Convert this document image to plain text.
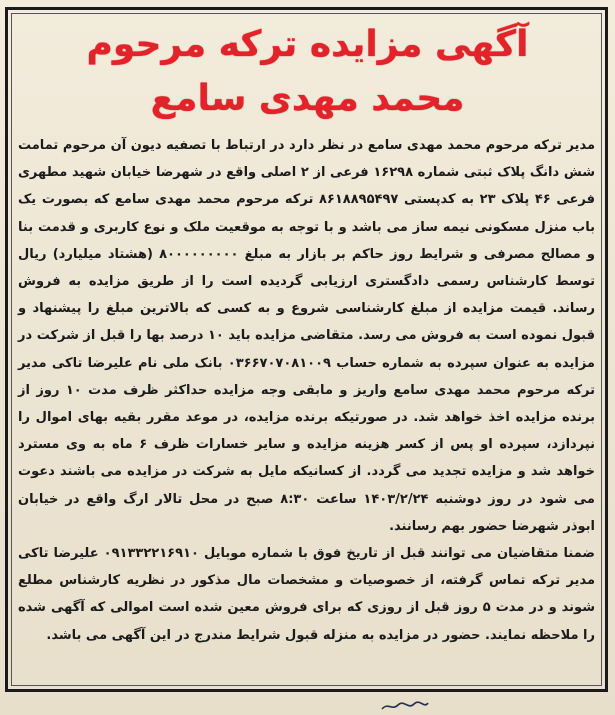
آگهی مزایده ترکه مرحوم
محمد مهدی سامع
مدیر ترکه مرحوم محمد مهدی سامع در نظر دارد در ارتباط با تصفیه دیون آن مرحوم تمامت شش دانگ پلاک ثبتی شماره ۱۶۲۹۸ فرعی از ۲ اصلی واقع در شهرضا خیابان شهید مطهری فرعی ۴۶ پلاک ۲۳ به کدپستی ۸۶۱۸۸۹۵۴۹۷ ترکه مرحوم محمد مهدی سامع که بصورت یک باب منزل مسکونی نیمه ساز می باشد و با توجه به موقعیت ملک و نوع کاربری و قدمت بنا و مصالح مصرفی و شرایط روز حاکم بر بازار به مبلغ ۸۰۰۰۰۰۰۰۰۰ (هشتاد میلیارد) ریال توسط کارشناس رسمی دادگستری ارزیابی گردیده است را از طریق مزایده به فروش رساند. قیمت مزایده از مبلغ کارشناسی شروع و به کسی که بالاترین مبلغ را پیشنهاد و قبول نموده است به فروش می رسد. متقاضی مزایده باید ۱۰ درصد بها را قبل از شرکت در مزایده به عنوان سپرده به شماره حساب ۰۳۶۶۷۰۷۰۸۱۰۰۹ بانک ملی نام علیرضا تاکی مدیر ترکه مرحوم محمد مهدی سامع واریز و مابقی وجه مزایده حداکثر ظرف مدت ۱۰ روز از برنده مزایده اخذ خواهد شد. در صورتیکه برنده مزایده، در موعد مقرر بقیه بهای اموال را نپردازد، سپرده او پس از کسر هزینه مزایده و سایر خسارات ظرف ۶ ماه به وی مسترد خواهد شد و مزایده تجدید می گردد. از کسانیکه مایل به شرکت در مزایده می باشند دعوت می شود در روز دوشنبه ۱۴۰۳/۲/۲۴ ساعت ۸:۳۰ صبح در محل تالار ارگ واقع در خیابان ابوذر شهرضا حضور بهم رسانند.
ضمنا متقاضیان می توانند قبل از تاریخ فوق با شماره موبایل ۰۹۱۳۳۲۲۱۶۹۱۰ علیرضا تاکی مدیر ترکه تماس گرفته، از خصوصیات و مشخصات مال مذکور در نظریه کارشناس مطلع شوند و در مدت ۵ روز قبل از روزی که برای فروش معین شده است اموالی که آگهی شده را ملاحظه نمایند. حضور در مزایده به منزله قبول شرایط مندرج در این آگهی می باشد.
